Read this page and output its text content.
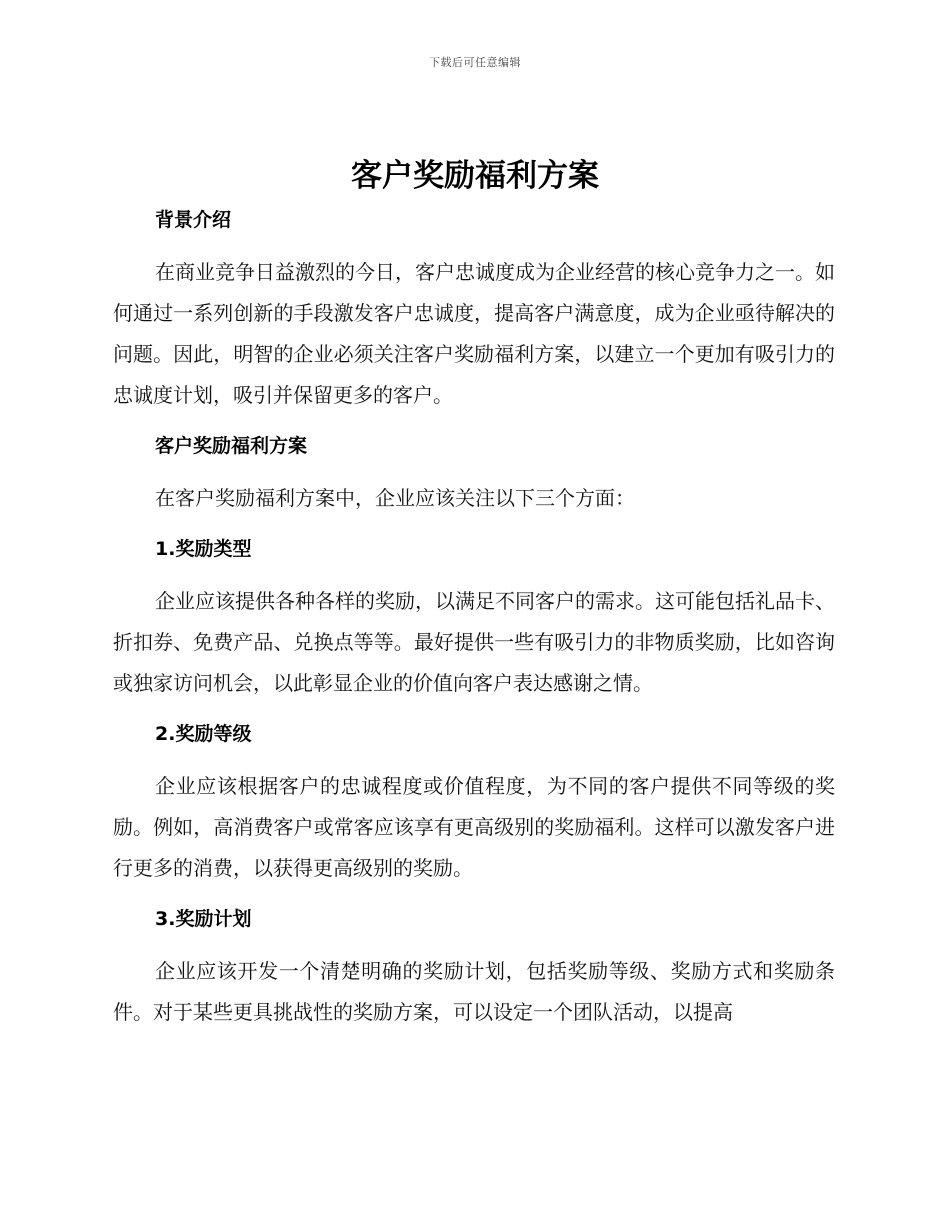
下载后可任意编辑
客户奖励福利方案
背景介绍

在商业竞争日益激烈的今日，客户忠诚度成为企业经营的核心竞争力之一。如何通过一系列创新的手段激发客户忠诚度，提高客户满意度，成为企业亟待解决的问题。因此，明智的企业必须关注客户奖励福利方案，以建立一个更加有吸引力的忠诚度计划，吸引并保留更多的客户。

客户奖励福利方案

在客户奖励福利方案中，企业应该关注以下三个方面：

1.奖励类型

企业应该提供各种各样的奖励，以满足不同客户的需求。这可能包括礼品卡、折扣券、免费产品、兑换点等等。最好提供一些有吸引力的非物质奖励，比如咨询或独家访问机会，以此彰显企业的价值向客户表达感谢之情。

2.奖励等级

企业应该根据客户的忠诚程度或价值程度，为不同的客户提供不同等级的奖励。例如，高消费客户或常客应该享有更高级别的奖励福利。这样可以激发客户进行更多的消费，以获得更高级别的奖励。

3.奖励计划

企业应该开发一个清楚明确的奖励计划，包括奖励等级、奖励方式和奖励条件。对于某些更具挑战性的奖励方案，可以设定一个团队活动，以提高
